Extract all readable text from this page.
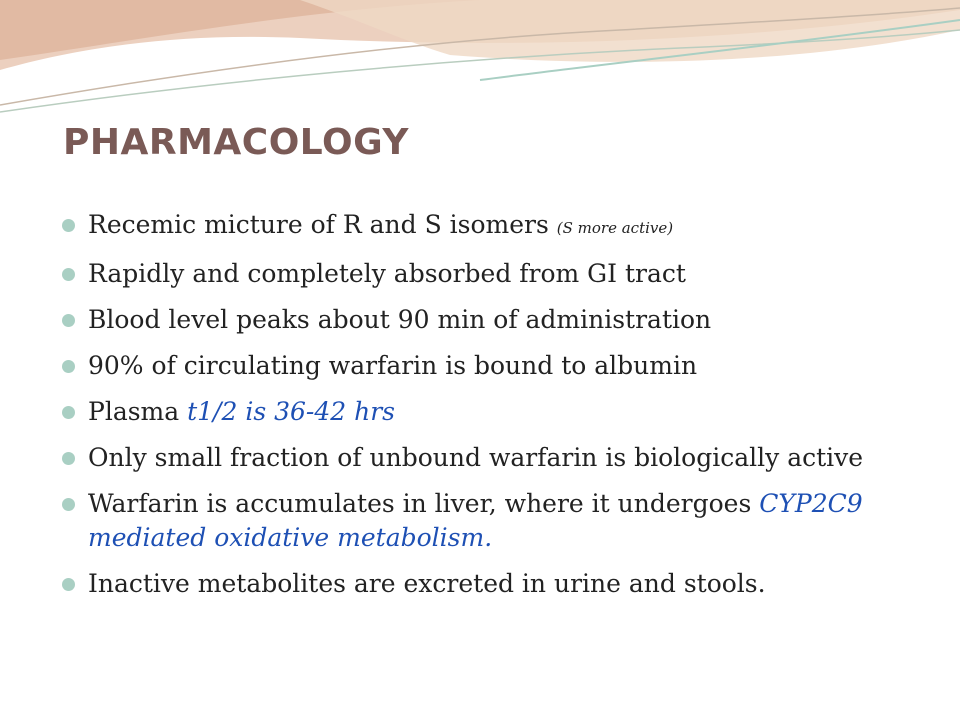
PHARMACOLOGY
Recemic micture of R and S isomers (S more active)
Rapidly and completely absorbed from GI tract
Blood level peaks about 90 min of administration
90% of circulating warfarin is bound to albumin
Plasma t1/2 is 36-42 hrs
Only small fraction of unbound warfarin is biologically active
Warfarin is accumulates in liver, where it undergoes CYP2C9 mediated oxidative metabolism.
Inactive metabolites are excreted in urine and stools.
